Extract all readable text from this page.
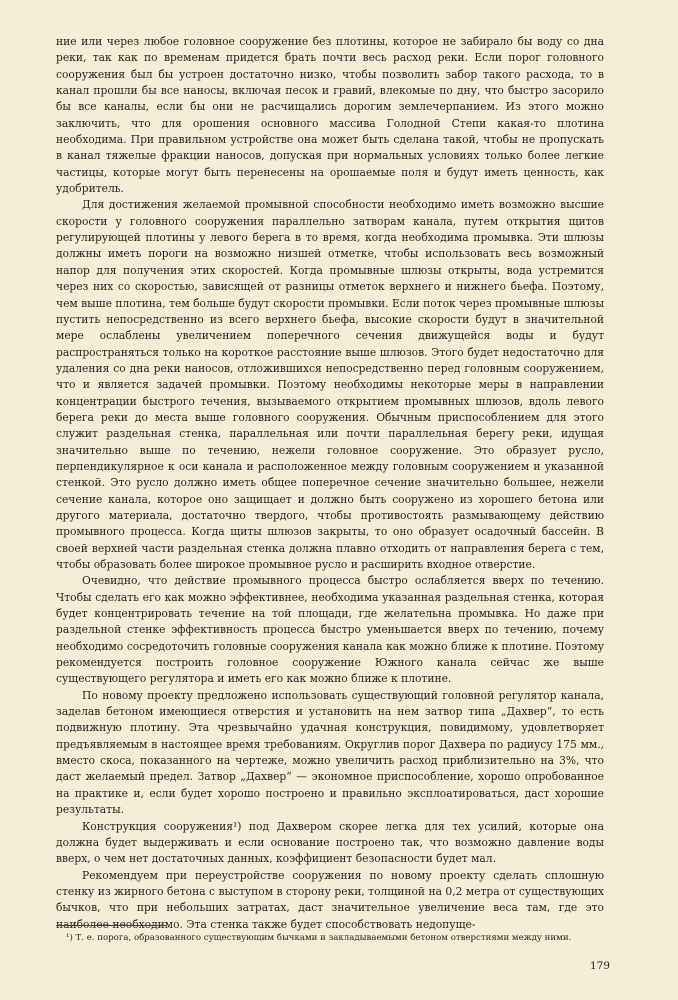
ние или через любое головное сооружение без плотины, которое не забирало бы воду со дна реки, так как по временам придется брать почти весь расход реки. Если порог головного сооружения был бы устроен достаточно низко, чтобы позволить забор такого расхода, то в канал прошли бы все наносы, включая песок и гравий, влекомые по дну, что быстро засорило бы все каналы, если бы они не расчищались дорогим землечерпанием. Из этого можно заключить, что для орошения основного массива Голодной Степи какая-то плотина необходима. При правильном устройстве она может быть сделана такой, чтобы не пропускать в канал тяжелые фракции наносов, допуская при нормальных условиях только более легкие частицы, которые могут быть перенесены на орошаемые поля и будут иметь ценность, как удобритель.

Для достижения желаемой промывной способности необходимо иметь возможно высшие скорости у головного сооружения параллельно затворам канала, путем открытия щитов регулирующей плотины у левого берега в то время, когда необходима промывка. Эти шлюзы должны иметь пороги на возможно низшей отметке, чтобы использовать весь возможный напор для получения этих скоростей. Когда промывные шлюзы открыты, вода устремится через них со скоростью, зависящей от разницы отметок верхнего и нижнего бьефа. Поэтому, чем выше плотина, тем больше будут скорости промывки. Если поток через промывные шлюзы пустить непосредственно из всего верхнего бьефа, высокие скорости будут в значительной мере ослаблены увеличением поперечного сечения движущейся воды и будут распространяться только на короткое расстояние выше шлюзов. Этого будет недостаточно для удаления со дна реки наносов, отложившихся непосредственно перед головным сооружением, что и является задачей промывки. Поэтому необходимы некоторые меры в направлении концентрации быстрого течения, вызываемого открытием промывных шлюзов, вдоль левого берега реки до места выше головного сооружения. Обычным приспособлением для этого служит раздельная стенка, параллельная или почти параллельная берегу реки, идущая значительно выше по течению, нежели головное сооружение. Это образует русло, перпендикулярное к оси канала и расположенное между головным сооружением и указанной стенкой. Это русло должно иметь общее поперечное сечение значительно большее, нежели сечение канала, которое оно защищает и должно быть сооружено из хорошего бетона или другого материала, достаточно твердого, чтобы противостоять размывающему действию промывного процесса. Когда щиты шлюзов закрыты, то оно образует осадочный бассейн. В своей верхней части раздельная стенка должна плавно отходить от направления берега с тем, чтобы образовать более широкое промывное русло и расширить входное отверстие.

Очевидно, что действие промывного процесса быстро ослабляется вверх по течению. Чтобы сделать его как можно эффективнее, необходима указанная раздельная стенка, которая будет концентрировать течение на той площади, где желательна промывка. Но даже при раздельной стенке эффективность процесса быстро уменьшается вверх по течению, почему необходимо сосредоточить головные сооружения канала как можно ближе к плотине. Поэтому рекомендуется построить головное сооружение Южного канала сейчас же выше существующего регулятора и иметь его как можно ближе к плотине.

По новому проекту предложено использовать существующий головной регулятор канала, заделав бетоном имеющиеся отверстия и установить на нем затвор типа „Дахвер“, то есть подвижную плотину. Эта чрезвычайно удачная конструкция, повидимому, удовлетворяет предъявляемым в настоящее время требованиям. Округлив порог Дахвера по радиусу 175 мм., вместо скоса, показанного на чертеже, можно увеличить расход приблизительно на 3%, что даст желаемый предел. Затвор „Дахвер“ — экономное приспособление, хорошо опробованное на практике и, если будет хорошо построено и правильно эксплоатироваться, даст хорошие результаты.

Конструкция сооружения¹) под Дахвером скорее легка для тех усилий, которые она должна будет выдерживать и если основание построено так, что возможно давление воды вверх, о чем нет достаточных данных, коэффициент безопасности будет мал.

Рекомендуем при переустройстве сооружения по новому проекту сделать сплошную стенку из жирного бетона с выступом в сторону реки, толщиной на 0,2 метра от существующих бычков, что при небольших затратах, даст значительное увеличение веса там, где это наиболее необходимо. Эта стенка также будет способствовать недопуще-

¹) Т. е. порога, образованного существующим бычками и закладываемыми бетоном отверстиями между ними.
179
